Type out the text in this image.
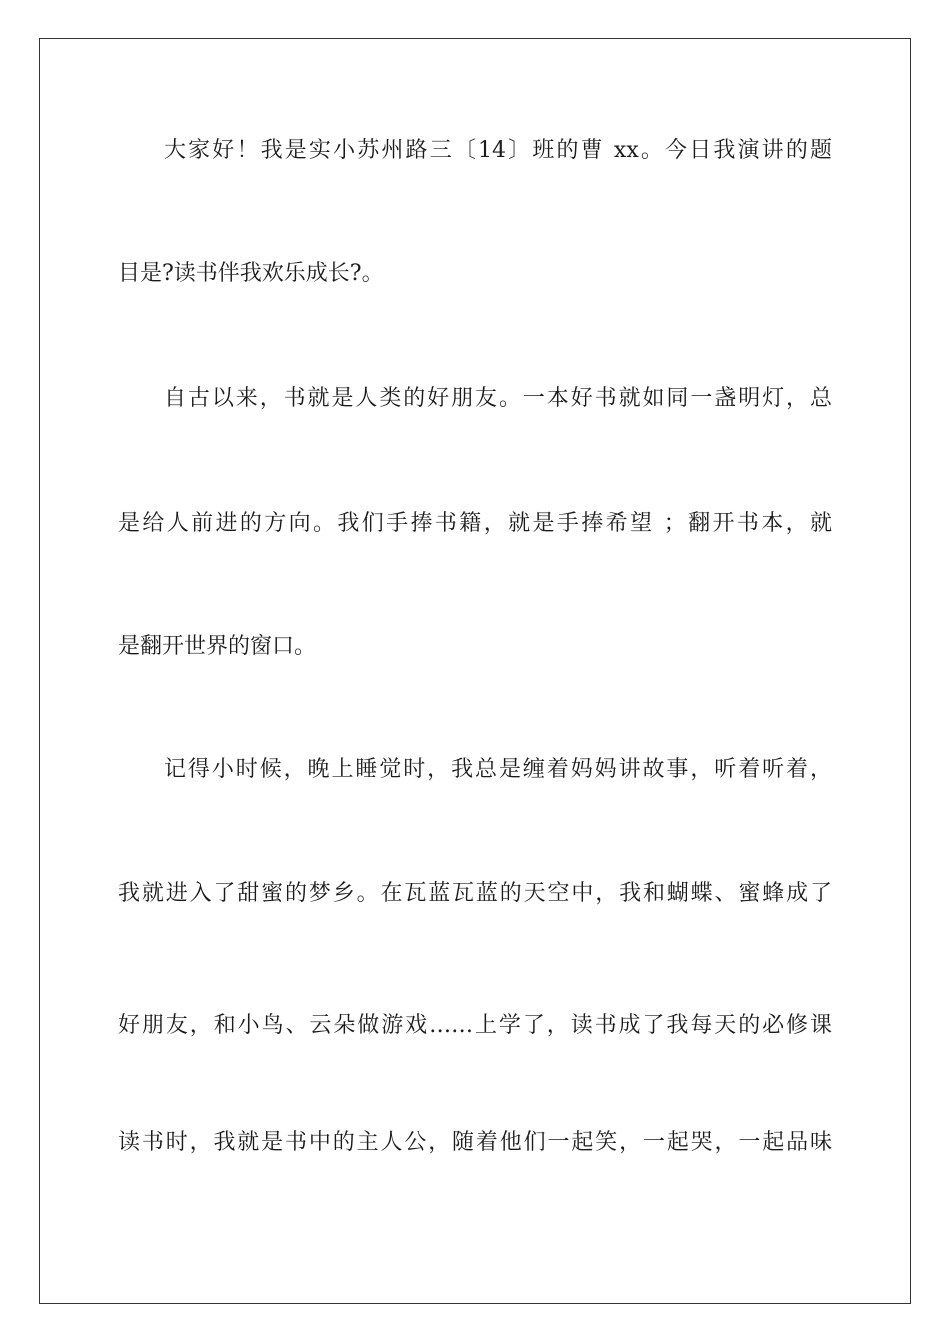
大家好！我是实小苏州路三〔14〕班的曹 xx。今日我演讲的题
目是?读书伴我欢乐成长?。
自古以来，书就是人类的好朋友。一本好书就如同一盏明灯，总
是给人前进的方向。我们手捧书籍，就是手捧希望 ；翻开书本，就
是翻开世界的窗口。
记得小时候，晚上睡觉时，我总是缠着妈妈讲故事，听着听着，
我就进入了甜蜜的梦乡。在瓦蓝瓦蓝的天空中，我和蝴蝶、蜜蜂成了
好朋友，和小鸟、云朵做游戏……上学了，读书成了我每天的必修课
读书时，我就是书中的主人公，随着他们一起笑，一起哭，一起品味
